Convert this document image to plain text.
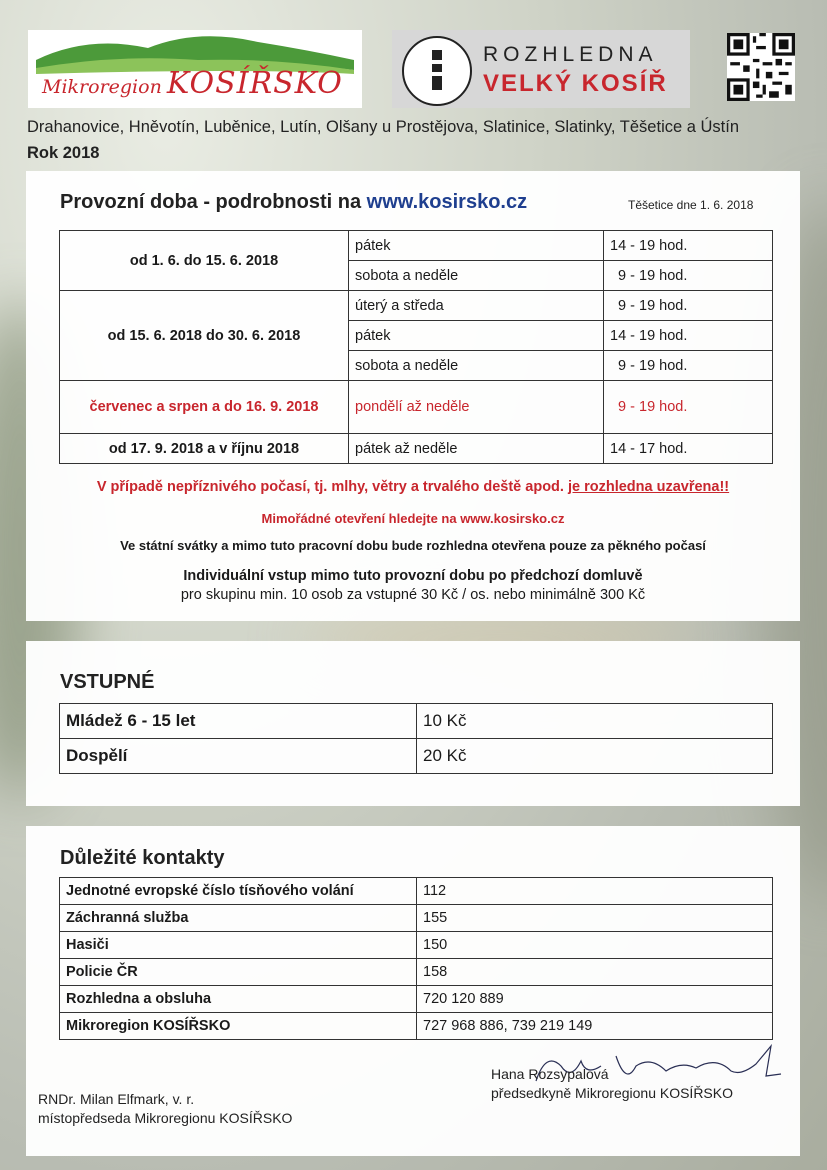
Mikroregion KOSÍŘSKO
ROZHLEDNA
VELKÝ KOSÍŘ
Drahanovice, Hněvotín, Luběnice, Lutín, Olšany u Prostějova, Slatinice, Slatinky, Těšetice a Ústín
Rok 2018
Provozní doba - podrobnosti na www.kosirsko.cz	Těšetice dne 1. 6. 2018
od 1. 6. do 15. 6. 2018	pátek	14 - 19 hod.
	sobota a neděle	9 - 19 hod.
od 15. 6. 2018 do 30. 6. 2018	úterý a středa	9 - 19 hod.
	pátek	14 - 19 hod.
	sobota a neděle	9 - 19 hod.
červenec a srpen a do 16. 9. 2018	pondělí až neděle	9 - 19 hod.
od 17. 9. 2018 a v říjnu 2018	pátek až neděle	14 - 17 hod.
V případě nepříznivého počasí, tj. mlhy, větry a trvalého deště apod. je rozhledna uzavřena!!
Mimořádné otevření hledejte na www.kosirsko.cz
Ve státní svátky a mimo tuto pracovní dobu bude rozhledna otevřena pouze za pěkného počasí
Individuální vstup mimo tuto provozní dobu po předchozí domluvě
pro skupinu min. 10 osob za vstupné 30 Kč / os. nebo minimálně 300 Kč
VSTUPNÉ
Mládež 6 - 15 let	10 Kč
Dospělí	20 Kč
Důležité kontakty
Jednotné evropské číslo tísňového volání	112
Záchranná služba	155
Hasiči	150
Policie ČR	158
Rozhledna a obsluha	720 120 889
Mikroregion KOSÍŘSKO	727 968 886, 739 219 149
RNDr. Milan Elfmark, v. r.
místopředseda Mikroregionu KOSÍŘSKO
Hana Rozsypalová
předsedkyně Mikroregionu KOSÍŘSKO
